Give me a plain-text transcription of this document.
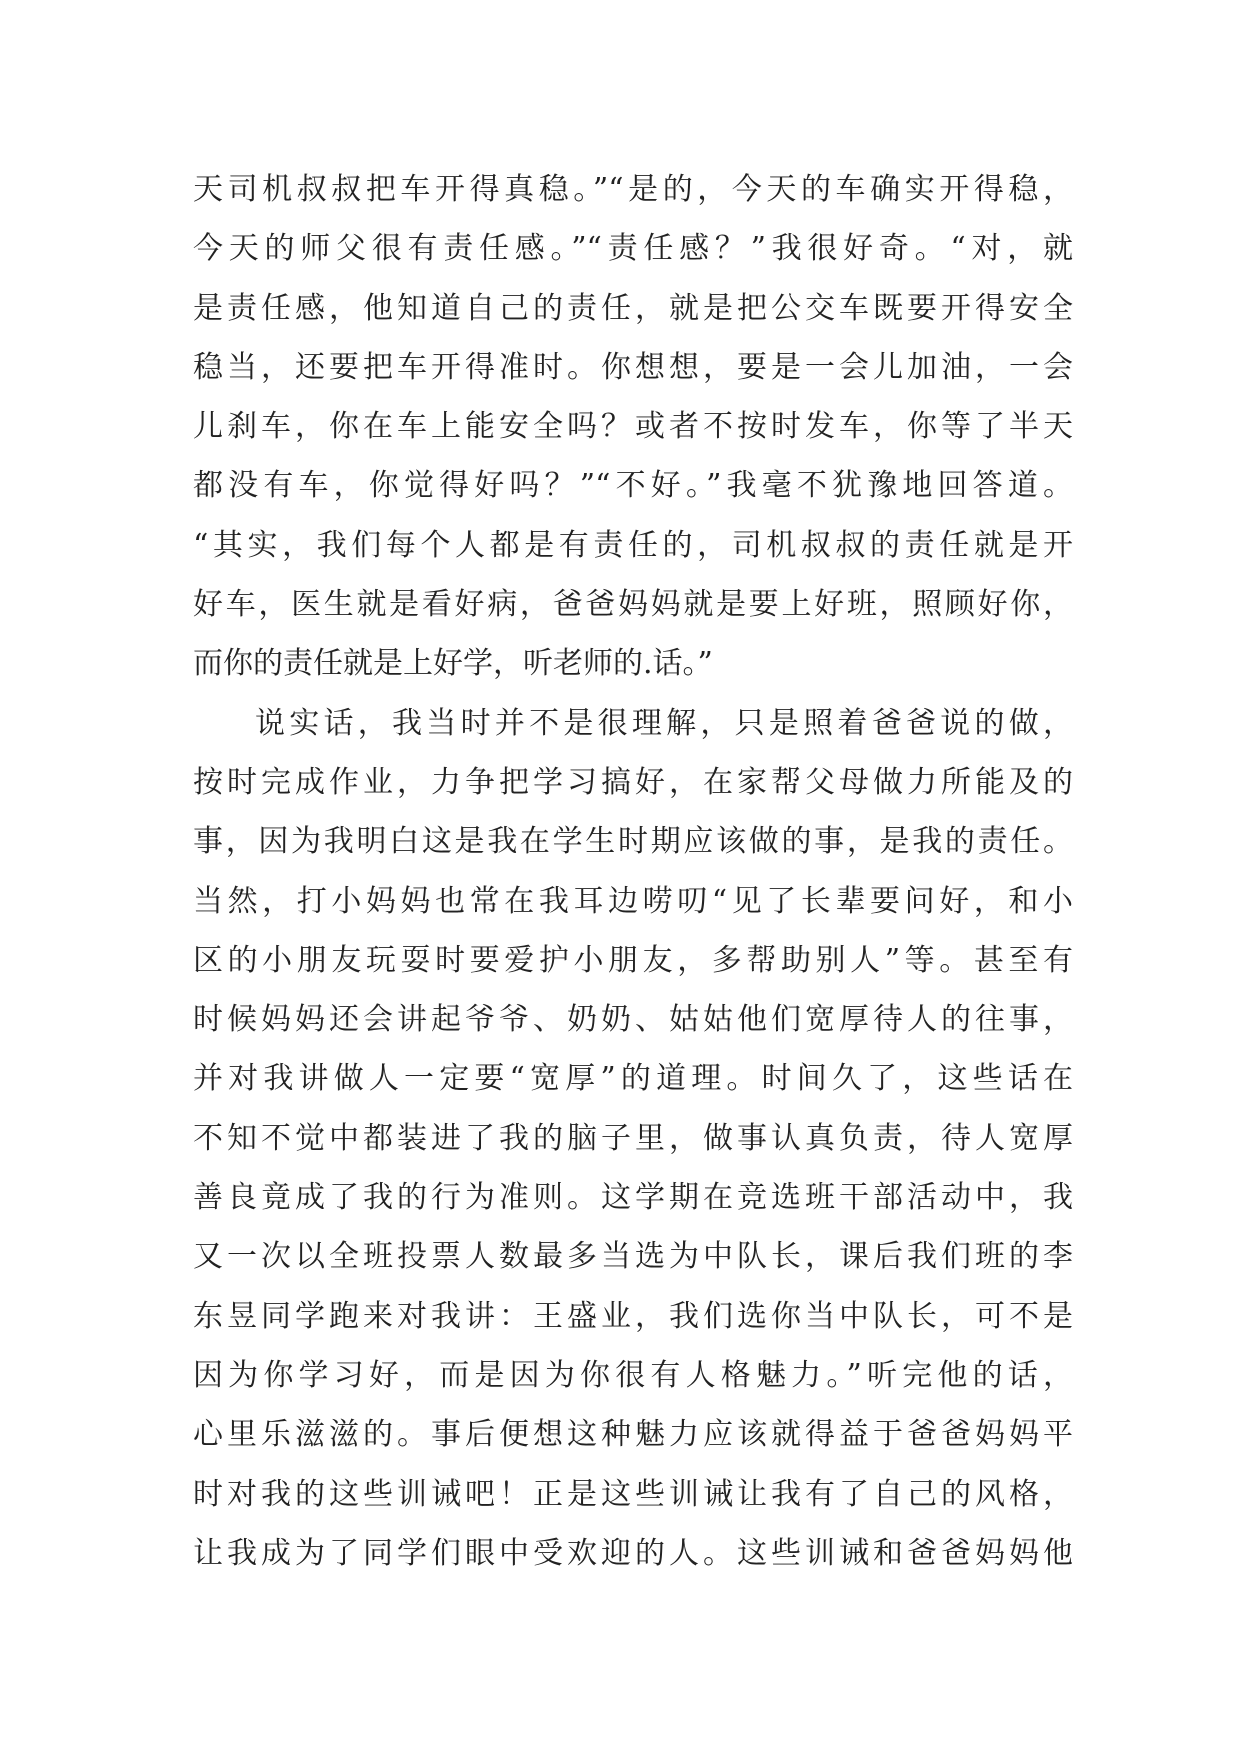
天司机叔叔把车开得真稳。”“是的，今天的车确实开得稳，
今天的师父很有责任感。”“责任感？”我很好奇。“对，就
是责任感，他知道自己的责任，就是把公交车既要开得安全
稳当，还要把车开得准时。你想想，要是一会儿加油，一会
儿刹车，你在车上能安全吗？或者不按时发车，你等了半天
都没有车，你觉得好吗？”“不好。”我毫不犹豫地回答道。
“其实，我们每个人都是有责任的，司机叔叔的责任就是开
好车，医生就是看好病，爸爸妈妈就是要上好班，照顾好你，
而你的责任就是上好学，听老师的.话。”
说实话，我当时并不是很理解，只是照着爸爸说的做，
按时完成作业，力争把学习搞好，在家帮父母做力所能及的
事，因为我明白这是我在学生时期应该做的事，是我的责任。
当然，打小妈妈也常在我耳边唠叨“见了长辈要问好，和小
区的小朋友玩耍时要爱护小朋友，多帮助别人”等。甚至有
时候妈妈还会讲起爷爷、奶奶、姑姑他们宽厚待人的往事，
并对我讲做人一定要“宽厚”的道理。时间久了，这些话在
不知不觉中都装进了我的脑子里，做事认真负责，待人宽厚
善良竟成了我的行为准则。这学期在竞选班干部活动中，我
又一次以全班投票人数最多当选为中队长，课后我们班的李
东昱同学跑来对我讲：王盛业，我们选你当中队长，可不是
因为你学习好，而是因为你很有人格魅力。”听完他的话，
心里乐滋滋的。事后便想这种魅力应该就得益于爸爸妈妈平
时对我的这些训诫吧！正是这些训诫让我有了自己的风格，
让我成为了同学们眼中受欢迎的人。这些训诫和爸爸妈妈他
